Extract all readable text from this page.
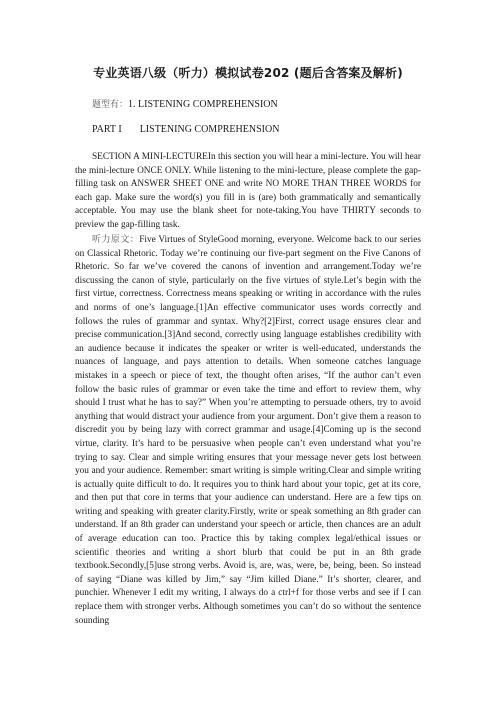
专业英语八级（听力）模拟试卷202 (题后含答案及解析)
题型有：1. LISTENING COMPREHENSION
PART I LISTENING COMPREHENSION

SECTION A MINI-LECTUREIn this section you will hear a mini-lecture. You will hear the mini-lecture ONCE ONLY. While listening to the mini-lecture, please complete the gap-filling task on ANSWER SHEET ONE and write NO MORE THAN THREE WORDS for each gap. Make sure the word(s) you fill in is (are) both grammatically and semantically acceptable. You may use the blank sheet for note-taking.You have THIRTY seconds to preview the gap-filling task.

听力原文：Five Virtues of StyleGood morning, everyone. Welcome back to our series on Classical Rhetoric. Today we’re continuing our five-part segment on the Five Canons of Rhetoric. So far we’ve covered the canons of invention and arrangement.Today we’re discussing the canon of style, particularly on the five virtues of style.Let’s begin with the first virtue, correctness. Correctness means speaking or writing in accordance with the rules and norms of one’s language.[1]An effective communicator uses words correctly and follows the rules of grammar and syntax. Why?[2]First, correct usage ensures clear and precise communication.[3]And second, correctly using language establishes credibility with an audience because it indicates the speaker or writer is well-educated, understands the nuances of language, and pays attention to details. When someone catches language mistakes in a speech or piece of text, the thought often arises, “If the author can’t even follow the basic rules of grammar or even take the time and effort to review them, why should I trust what he has to say?” When you’re attempting to persuade others, try to avoid anything that would distract your audience from your argument. Don’t give them a reason to discredit you by being lazy with correct grammar and usage.[4]Coming up is the second virtue, clarity. It’s hard to be persuasive when people can’t even understand what you’re trying to say. Clear and simple writing ensures that your message never gets lost between you and your audience. Remember: smart writing is simple writing.Clear and simple writing is actually quite difficult to do. It requires you to think hard about your topic, get at its core, and then put that core in terms that your audience can understand. Here are a few tips on writing and speaking with greater clarity.Firstly, write or speak something an 8th grader can understand. If an 8th grader can understand your speech or article, then chances are an adult of average education can too. Practice this by taking complex legal/ethical issues or scientific theories and writing a short blurb that could be put in an 8th grade textbook.Secondly,[5]use strong verbs. Avoid is, are, was, were, be, being, been. So instead of saying “Diane was killed by Jim,” say “Jim killed Diane.” It’s shorter, clearer, and punchier. Whenever I edit my writing, I always do a ctrl+f for those verbs and see if I can replace them with stronger verbs. Although sometimes you can’t do so without the sentence sounding
